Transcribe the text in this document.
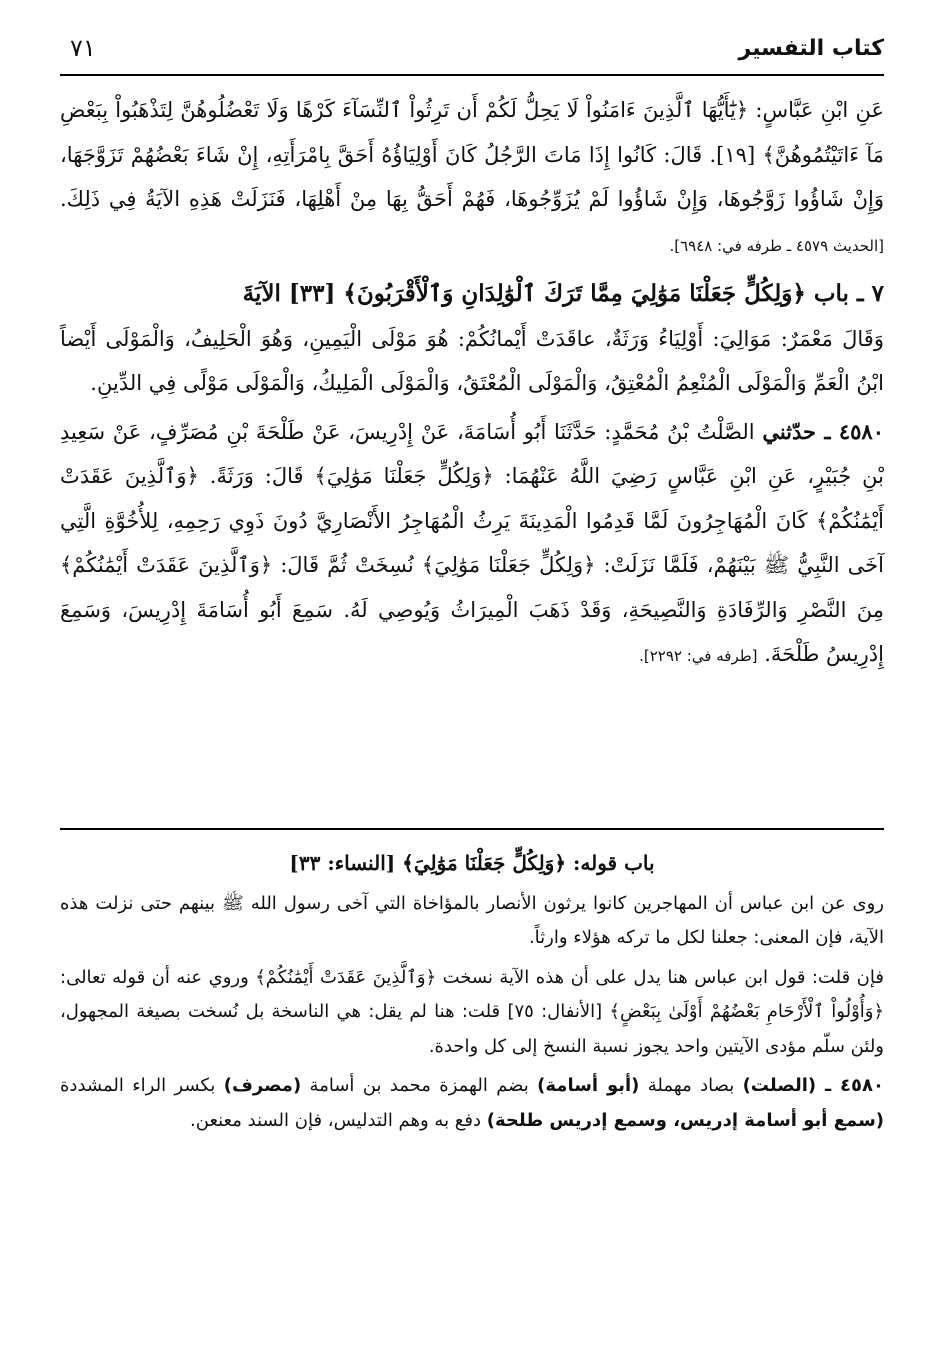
كتاب التفسير
٧١

عَنِ ابْنِ عَبَّاسٍ: ﴿يَٰٓأَيُّهَا ٱلَّذِينَ ءَامَنُواْ لَا يَحِلُّ لَكُمْ أَن تَرِثُواْ ٱلنِّسَآءَ كَرْهًا وَلَا تَعْضُلُوهُنَّ لِتَذْهَبُواْ بِبَعْضِ مَآ ءَاتَيْتُمُوهُنَّ﴾ [١٩]. قَالَ: كَانُوا إِذَا مَاتَ الرَّجُلُ كَانَ أَوْلِيَاؤُهُ أَحَقَّ بِامْرَأَتِهِ، إِنْ شَاءَ بَعْضُهُمْ تَزَوَّجَهَا، وَإِنْ شَاؤُوا زَوَّجُوهَا، وَإِنْ شَاؤُوا لَمْ يُزَوِّجُوهَا، فَهُمْ أَحَقُّ بِهَا مِنْ أَهْلِهَا، فَنَزَلَتْ هَذِهِ الآيَةُ فِي ذَلِكَ. [الحديث ٤٥٧٩ ـ طرفه في: ٦٩٤٨].

٧ ـ باب ﴿وَلِكُلٍّ جَعَلْنَا مَوَٰلِيَ مِمَّا تَرَكَ ٱلْوَٰلِدَانِ وَٱلْأَقْرَبُونَ﴾ [٣٣] الآيَةَ

وَقَالَ مَعْمَرٌ: مَوَالِيَ: أَوْلِيَاءُ وَرَثَةٌ، عاقَدَتْ أَيْمانُكُمْ: هُوَ مَوْلَى الْيَمِينِ، وَهُوَ الْحَلِيفُ، وَالْمَوْلَى أَيْضاً ابْنُ الْعَمِّ وَالْمَوْلَى الْمُنْعِمُ الْمُعْتِقُ، وَالْمَوْلَى الْمُعْتَقُ، وَالْمَوْلَى الْمَلِيكُ، وَالْمَوْلَى مَوْلًى فِي الدِّينِ.

٤٥٨٠ ـ حدّثني الصَّلْتُ بْنُ مُحَمَّدٍ: حَدَّثَنَا أَبُو أُسَامَةَ، عَنْ إِدْرِيسَ، عَنْ طَلْحَةَ بْنِ مُصَرِّفٍ، عَنْ سَعِيدِ بْنِ جُبَيْرٍ، عَنِ ابْنِ عَبَّاسٍ رَضِيَ اللَّهُ عَنْهُمَا: ﴿وَلِكُلٍّ جَعَلْنَا مَوَٰلِيَ﴾ قَالَ: وَرَثَةً. ﴿وَٱلَّذِينَ عَقَدَتْ أَيْمَٰنُكُمْ﴾ كَانَ الْمُهَاجِرُونَ لَمَّا قَدِمُوا الْمَدِينَةَ يَرِثُ الْمُهَاجِرُ الأَنْصَارِيَّ دُونَ ذَوِي رَحِمِهِ، لِلأُخُوَّةِ الَّتِي آخَى النَّبِيُّ ﷺ بَيْنَهُمْ، فَلَمَّا نَزَلَتْ: ﴿وَلِكُلٍّ جَعَلْنَا مَوَٰلِيَ﴾ نُسِخَتْ ثُمَّ قَالَ: ﴿وَٱلَّذِينَ عَقَدَتْ أَيْمَٰنُكُمْ﴾ مِنَ النَّصْرِ وَالرِّفَادَةِ وَالنَّصِيحَةِ، وَقَدْ ذَهَبَ الْمِيرَاثُ وَيُوصِي لَهُ. سَمِعَ أَبُو أُسَامَةَ إِدْرِيسَ، وَسَمِعَ إِدْرِيسُ طَلْحَةَ. [طرفه في: ٢٢٩٢].

باب قوله: ﴿وَلِكُلٍّ جَعَلْنَا مَوَٰلِيَ﴾ [النساء: ٣٣]

روى عن ابن عباس أن المهاجرين كانوا يرثون الأنصار بالمؤاخاة التي آخى رسول الله ﷺ بينهم حتى نزلت هذه الآية، فإن المعنى: جعلنا لكل ما تركه هؤلاء وارثاً.

فإن قلت: قول ابن عباس هنا يدل على أن هذه الآية نسخت ﴿وَٱلَّذِينَ عَقَدَتْ أَيْمَٰنُكُمْ﴾ وروي عنه أن قوله تعالى: ﴿وَأُوْلُواْ ٱلْأَرْحَامِ بَعْضُهُمْ أَوْلَىٰ بِبَعْضٍ﴾ [الأنفال: ٧٥] قلت: هنا لم يقل: هي الناسخة بل نُسخت بصيغة المجهول، ولئن سلّم مؤدى الآيتين واحد يجوز نسبة النسخ إلى كل واحدة.

٤٥٨٠ ـ (الصلت) بصاد مهملة (أبو أسامة) بضم الهمزة محمد بن أسامة (مصرف) بكسر الراء المشددة (سمع أبو أسامة إدريس، وسمع إدريس طلحة) دفع به وهم التدليس، فإن السند معنعن.
